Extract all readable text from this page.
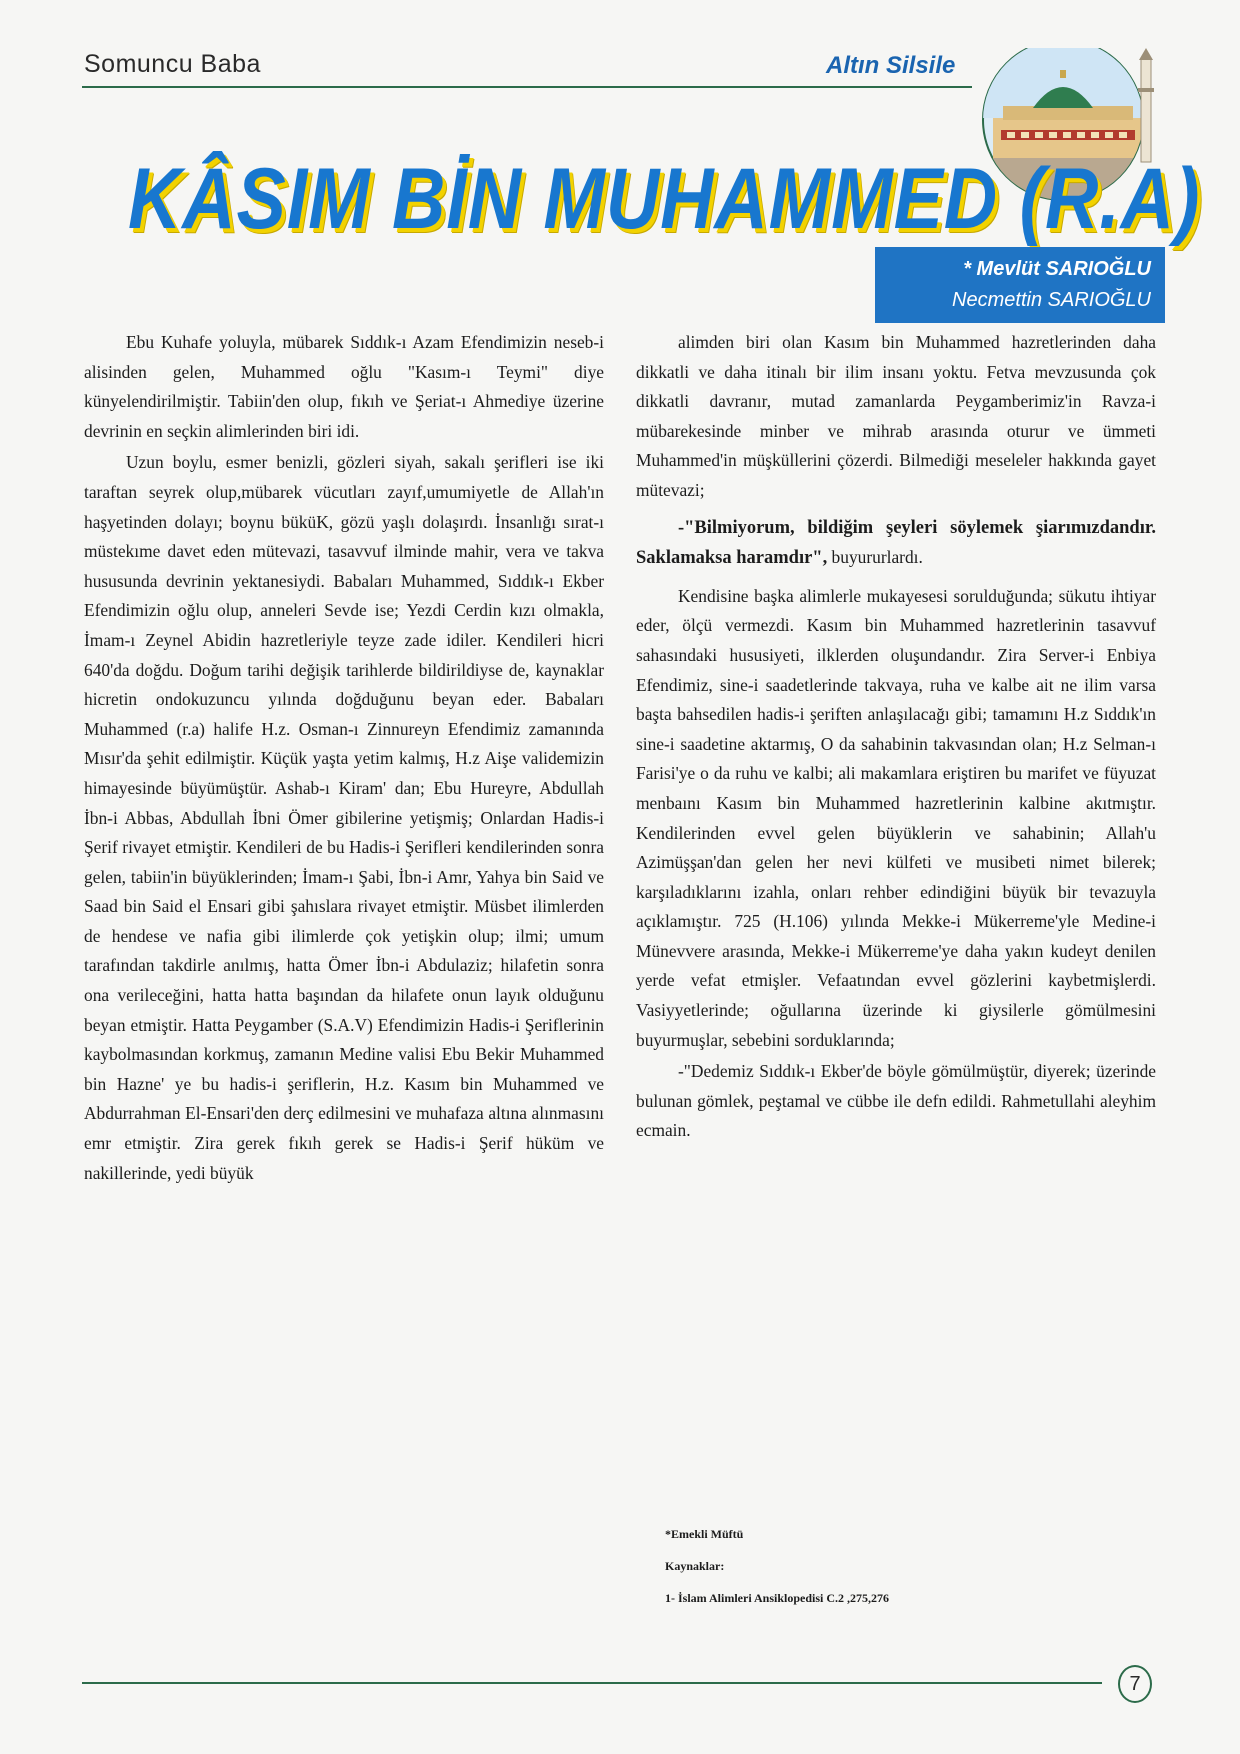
Somuncu Baba	Altın Silsile
KÂSIM BİN MUHAMMED (R.A)
* Mevlüt SARIOĞLU
Necmettin SARIOĞLU

Ebu Kuhafe yoluyla, mübarek Sıddık-ı Azam Efendimizin neseb-i alisinden gelen, Muhammed oğlu "Kasım-ı Teymi" diye künyelendirilmiştir. Tabiin'den olup, fıkıh ve Şeriat-ı Ahmediye üzerine devrinin en seçkin alimlerinden biri idi.

Uzun boylu, esmer benizli, gözleri siyah, sakalı şerifleri ise iki taraftan seyrek olup,mübarek vücutları zayıf,umumiyetle de Allah'ın haşyetinden dolayı; boynu büküK, gözü yaşlı dolaşırdı. İnsanlığı sırat-ı müstekıme davet eden mütevazi, tasavvuf ilminde mahir, vera ve takva hususunda devrinin yektanesiydi. Babaları Muhammed, Sıddık-ı Ekber Efendimizin oğlu olup, anneleri Sevde ise; Yezdi Cerdin kızı olmakla, İmam-ı Zeynel Abidin hazretleriyle teyze zade idiler. Kendileri hicri 640'da doğdu. Doğum tarihi değişik tarihlerde bildirildiyse de, kaynaklar hicretin ondokuzuncu yılında doğduğunu beyan eder. Babaları Muhammed (r.a) halife H.z. Osman-ı Zinnureyn Efendimiz zamanında Mısır'da şehit edilmiştir. Küçük yaşta yetim kalmış, H.z Aişe validemizin himayesinde büyümüştür. Ashab-ı Kiram' dan; Ebu Hureyre, Abdullah İbn-i Abbas, Abdullah İbni Ömer gibilerine yetişmiş; Onlardan Hadis-i Şerif rivayet etmiştir. Kendileri de bu Hadis-i Şerifleri kendilerinden sonra gelen, tabiin'in büyüklerinden; İmam-ı Şabi, İbn-i Amr, Yahya bin Said ve Saad bin Said el Ensari gibi şahıslara rivayet etmiştir. Müsbet ilimlerden de hendese ve nafia gibi ilimlerde çok yetişkin olup; ilmi; umum tarafından takdirle anılmış, hatta Ömer İbn-i Abdulaziz; hilafetin sonra ona verileceğini, hatta hatta başından da hilafete onun layık olduğunu beyan etmiştir. Hatta Peygamber (S.A.V) Efendimizin Hadis-i Şeriflerinin kaybolmasından korkmuş, zamanın Medine valisi Ebu Bekir Muhammed bin Hazne' ye bu hadis-i şeriflerin, H.z. Kasım bin Muhammed ve Abdurrahman El-Ensari'den derç edilmesini ve muhafaza altına alınmasını emr etmiştir. Zira gerek fıkıh gerek se Hadis-i Şerif hüküm ve nakillerinde, yedi büyük

alimden biri olan Kasım bin Muhammed hazretlerinden daha dikkatli ve daha itinalı bir ilim insanı yoktu. Fetva mevzusunda çok dikkatli davranır, mutad zamanlarda Peygamberimiz'in Ravza-i mübarekesinde minber ve mihrab arasında oturur ve ümmeti Muhammed'in müşküllerini çözerdi. Bilmediği meseleler hakkında gayet mütevazi;

-"Bilmiyorum, bildiğim şeyleri söylemek şiarımızdandır. Saklamaksa haramdır", buyururlardı.

Kendisine başka alimlerle mukayesesi sorulduğunda; sükutu ihtiyar eder, ölçü vermezdi. Kasım bin Muhammed hazretlerinin tasavvuf sahasındaki hususiyeti, ilklerden oluşundandır. Zira Server-i Enbiya Efendimiz, sine-i saadetlerinde takvaya, ruha ve kalbe ait ne ilim varsa başta bahsedilen hadis-i şeriften anlaşılacağı gibi; tamamını H.z Sıddık'ın sine-i saadetine aktarmış, O da sahabinin takvasından olan; H.z Selman-ı Farisi'ye o da ruhu ve kalbi; ali makamlara eriştiren bu marifet ve füyuzat menbaını Kasım bin Muhammed hazretlerinin kalbine akıtmıştır. Kendilerinden evvel gelen büyüklerin ve sahabinin; Allah'u Azimüşşan'dan gelen her nevi külfeti ve musibeti nimet bilerek; karşıladıklarını izahla, onları rehber edindiğini büyük bir tevazuyla açıklamıştır. 725 (H.106) yılında Mekke-i Mükerreme'yle Medine-i Münevvere arasında, Mekke-i Mükerreme'ye daha yakın kudeyt denilen yerde vefat etmişler. Vefaatından evvel gözlerini kaybetmişlerdi. Vasiyyetlerinde; oğullarına üzerinde ki giysilerle gömülmesini buyurmuşlar, sebebini sorduklarında;

-"Dedemiz Sıddık-ı Ekber'de böyle gömülmüştür, diyerek; üzerinde bulunan gömlek, peştamal ve cübbe ile defn edildi. Rahmetullahi aleyhim ecmain.

*Emekli Müftü
Kaynaklar:
1- İslam Alimleri Ansiklopedisi C.2 ,275,276
7
